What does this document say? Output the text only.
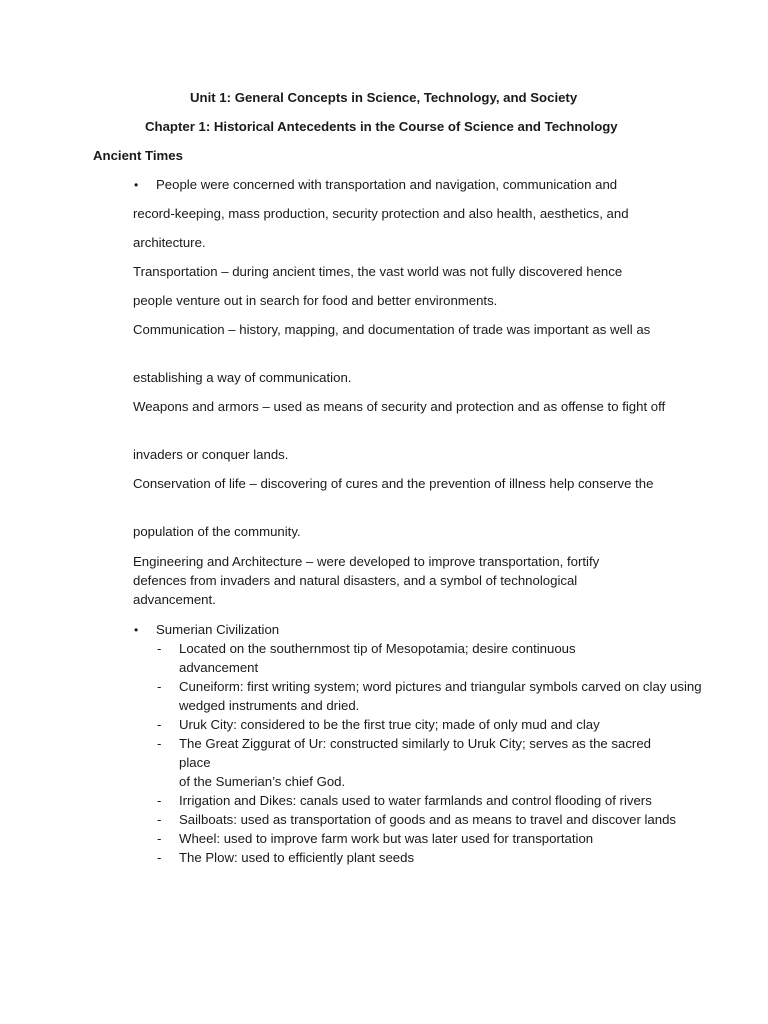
Unit 1: General Concepts in Science, Technology, and Society

Chapter 1: Historical Antecedents in the Course of Science and Technology

Ancient Times

• People were concerned with transportation and navigation, communication and

record-keeping, mass production, security protection and also health, aesthetics, and

architecture.

Transportation – during ancient times, the vast world was not fully discovered hence

people venture out in search for food and better environments.

Communication – history, mapping, and documentation of trade was important as well as

establishing a way of communication.

Weapons and armors – used as means of security and protection and as offense to fight off

invaders or conquer lands.

Conservation of life – discovering of cures and the prevention of illness help conserve the

population of the community.

Engineering and Architecture – were developed to improve transportation, fortify defences from invaders and natural disasters, and a symbol of technological advancement.

• Sumerian Civilization

- Located on the southernmost tip of Mesopotamia; desire continuous advancement
- Cuneiform: first writing system; word pictures and triangular symbols carved on clay using wedged instruments and dried.
- Uruk City: considered to be the first true city; made of only mud and clay
- The Great Ziggurat of Ur: constructed similarly to Uruk City; serves as the sacred place
of the Sumerian’s chief God.
- Irrigation and Dikes: canals used to water farmlands and control flooding of rivers
- Sailboats: used as transportation of goods and as means to travel and discover lands
- Wheel: used to improve farm work but was later used for transportation
- The Plow: used to efficiently plant seeds
